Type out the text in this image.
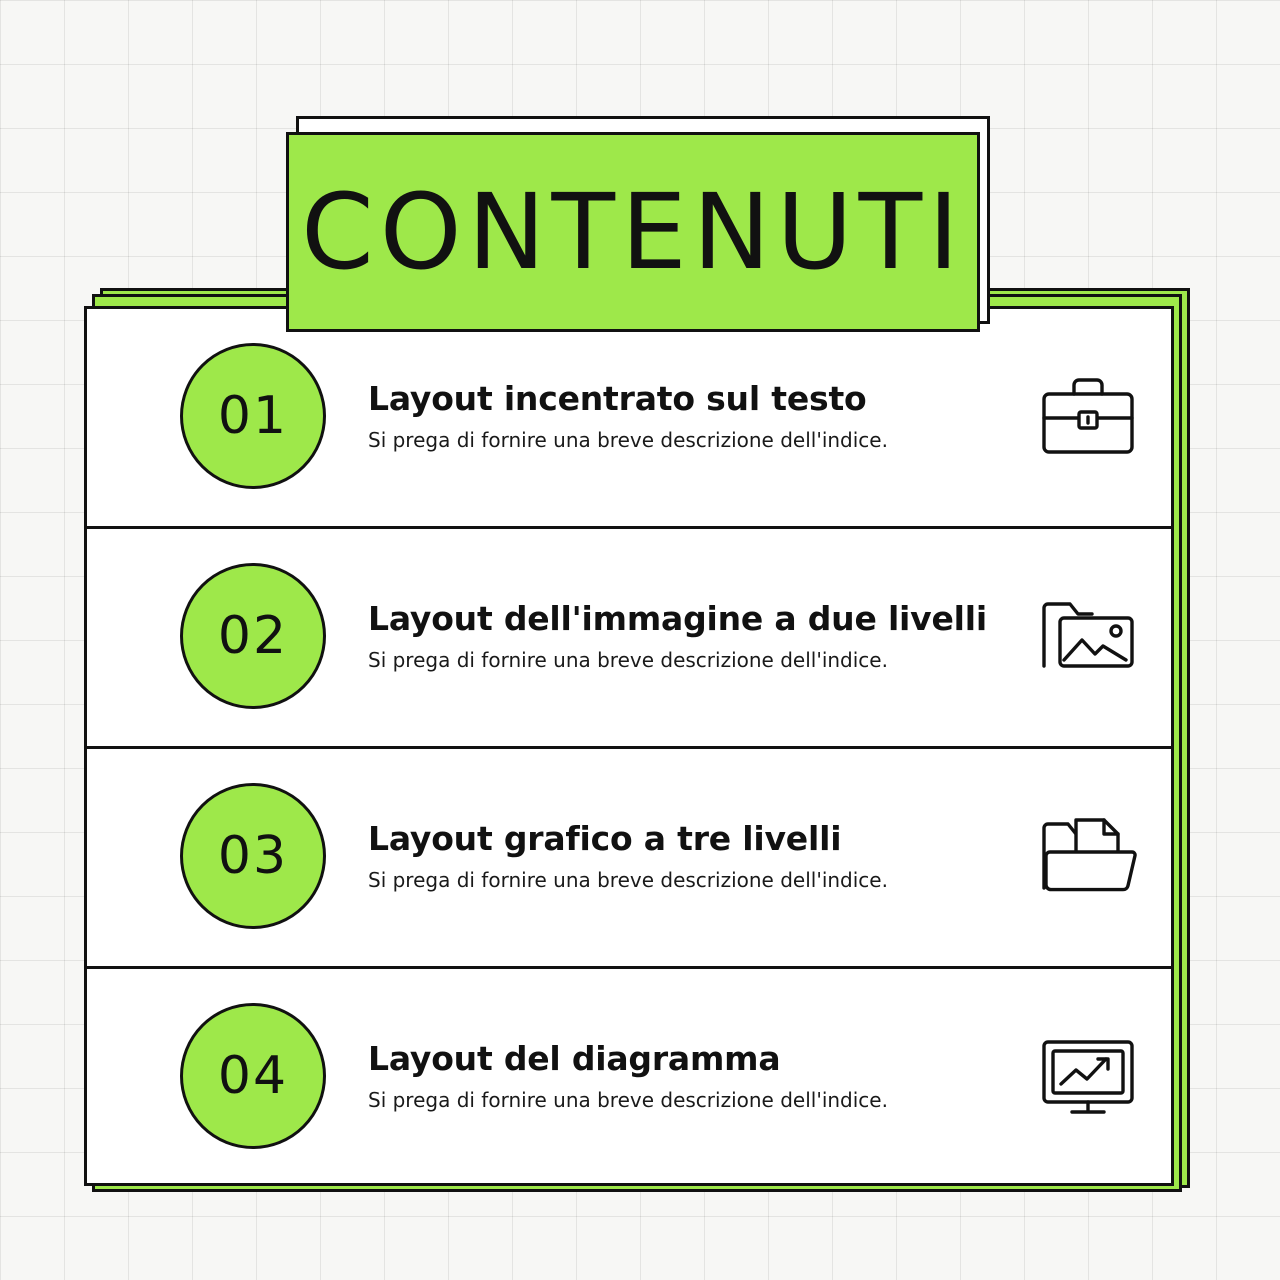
CONTENUTI
01	Layout incentrato sul testo
Si prega di fornire una breve descrizione dell'indice.
02	Layout dell'immagine a due livelli
Si prega di fornire una breve descrizione dell'indice.
03	Layout grafico a tre livelli
Si prega di fornire una breve descrizione dell'indice.
04	Layout del diagramma
Si prega di fornire una breve descrizione dell'indice.
